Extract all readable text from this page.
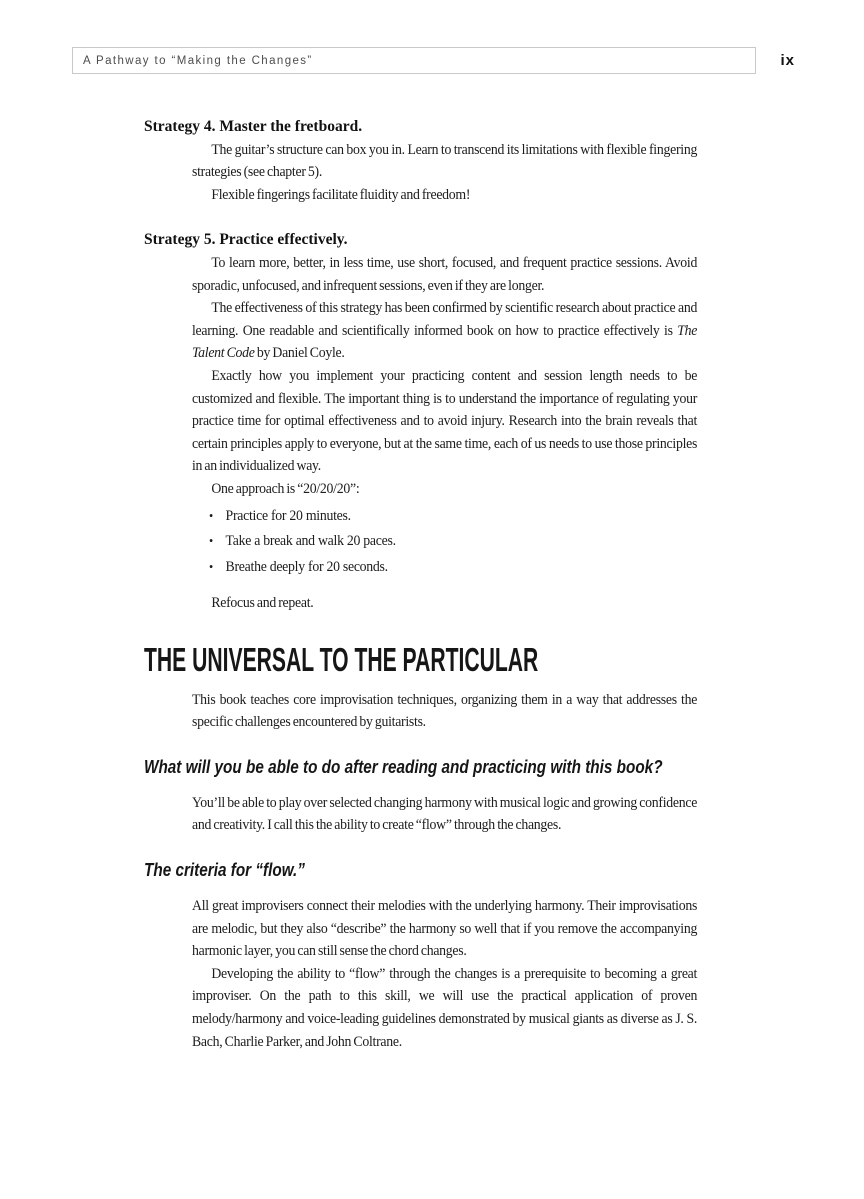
A Pathway to “Making the Changes”	ix
Strategy 4. Master the fretboard.

The guitar’s structure can box you in. Learn to transcend its limitations with flexible fingering strategies (see chapter 5).

Flexible fingerings facilitate fluidity and freedom!

Strategy 5. Practice effectively.

To learn more, better, in less time, use short, focused, and frequent practice sessions. Avoid sporadic, unfocused, and infrequent sessions, even if they are longer.

The effectiveness of this strategy has been confirmed by scientific research about practice and learning. One readable and scientifically informed book on how to practice effectively is The Talent Code by Daniel Coyle.

Exactly how you implement your practicing content and session length needs to be customized and flexible. The important thing is to understand the importance of regulating your practice time for optimal effectiveness and to avoid injury. Research into the brain reveals that certain principles apply to everyone, but at the same time, each of us needs to use those principles in an individualized way.

One approach is “20/20/20”:

• Practice for 20 minutes.
• Take a break and walk 20 paces.
• Breathe deeply for 20 seconds.

Refocus and repeat.

THE UNIVERSAL TO THE PARTICULAR

This book teaches core improvisation techniques, organizing them in a way that addresses the specific challenges encountered by guitarists.

What will you be able to do after reading and practicing with this book?

You’ll be able to play over selected changing harmony with musical logic and growing confidence and creativity. I call this the ability to create “flow” through the changes.

The criteria for “flow.”

All great improvisers connect their melodies with the underlying harmony. Their improvisations are melodic, but they also “describe” the harmony so well that if you remove the accompanying harmonic layer, you can still sense the chord changes.

Developing the ability to “flow” through the changes is a prerequisite to becoming a great improviser. On the path to this skill, we will use the practical application of proven melody/harmony and voice-leading guidelines demonstrated by musical giants as diverse as J. S. Bach, Charlie Parker, and John Coltrane.
